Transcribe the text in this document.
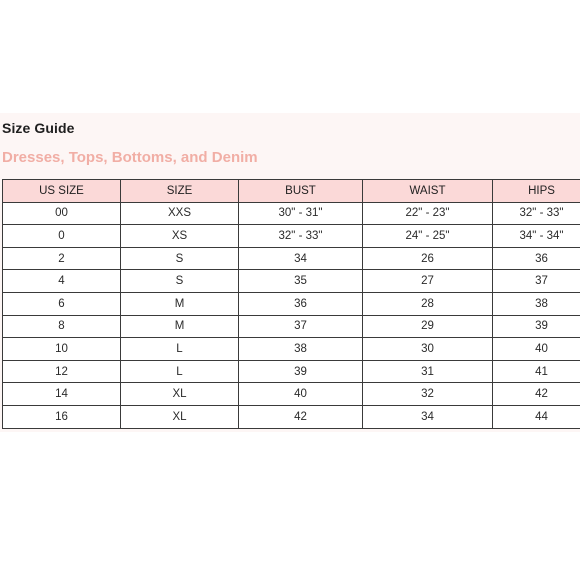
Size Guide
Dresses, Tops, Bottoms, and Denim
US SIZE	SIZE	BUST	WAIST	HIPS
00	XXS	30" - 31"	22" - 23"	32" - 33"
0	XS	32" - 33"	24" - 25"	34" - 34"
2	S	34	26	36
4	S	35	27	37
6	M	36	28	38
8	M	37	29	39
10	L	38	30	40
12	L	39	31	41
14	XL	40	32	42
16	XL	42	34	44
